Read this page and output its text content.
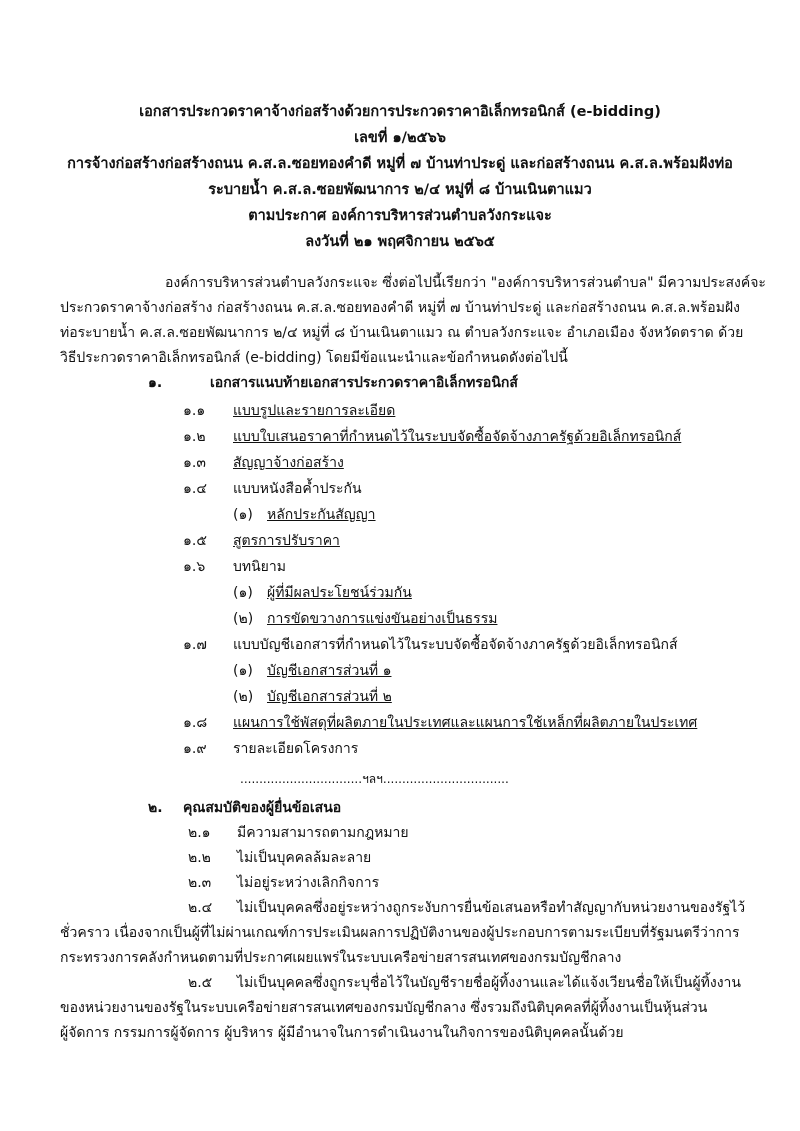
เอกสารประกวดราคาจ้างก่อสร้างด้วยการประกวดราคาอิเล็กทรอนิกส์ (e-bidding)
เลขที่ ๑/๒๕๖๖
การจ้างก่อสร้างก่อสร้างถนน ค.ส.ล.ซอยทองคำดี หมู่ที่ ๗ บ้านท่าประดู่ และก่อสร้างถนน ค.ส.ล.พร้อมฝังท่อ
ระบายน้ำ ค.ส.ล.ซอยพัฒนาการ ๒/๔ หมู่ที่ ๘ บ้านเนินตาแมว
ตามประกาศ องค์การบริหารส่วนตำบลวังกระแจะ
ลงวันที่ ๒๑ พฤศจิกายน ๒๕๖๕
องค์การบริหารส่วนตำบลวังกระแจะ ซึ่งต่อไปนี้เรียกว่า "องค์การบริหารส่วนตำบล" มีความประสงค์จะ
ประกวดราคาจ้างก่อสร้าง ก่อสร้างถนน ค.ส.ล.ซอยทองคำดี หมู่ที่ ๗ บ้านท่าประดู่ และก่อสร้างถนน ค.ส.ล.พร้อมฝัง
ท่อระบายน้ำ ค.ส.ล.ซอยพัฒนาการ ๒/๔ หมู่ที่ ๘ บ้านเนินตาแมว ณ ตำบลวังกระแจะ อำเภอเมือง จังหวัดตราด ด้วย
วิธีประกวดราคาอิเล็กทรอนิกส์ (e-bidding) โดยมีข้อแนะนำและข้อกำหนดดังต่อไปนี้
๑.	เอกสารแนบท้ายเอกสารประกวดราคาอิเล็กทรอนิกส์
๑.๑ แบบรูปและรายการละเอียด
๑.๒ แบบใบเสนอราคาที่กำหนดไว้ในระบบจัดซื้อจัดจ้างภาครัฐด้วยอิเล็กทรอนิกส์
๑.๓ สัญญาจ้างก่อสร้าง
๑.๔ แบบหนังสือค้ำประกัน
(๑) หลักประกันสัญญา
๑.๕ สูตรการปรับราคา
๑.๖ บทนิยาม
(๑) ผู้ที่มีผลประโยชน์ร่วมกัน
(๒) การขัดขวางการแข่งขันอย่างเป็นธรรม
๑.๗ แบบบัญชีเอกสารที่กำหนดไว้ในระบบจัดซื้อจัดจ้างภาครัฐด้วยอิเล็กทรอนิกส์
(๑) บัญชีเอกสารส่วนที่ ๑
(๒) บัญชีเอกสารส่วนที่ ๒
๑.๘ แผนการใช้พัสดุที่ผลิตภายในประเทศและแผนการใช้เหล็กที่ผลิตภายในประเทศ
๑.๙ รายละเอียดโครงการ
................................ฯลฯ.................................
๒. คุณสมบัติของผู้ยื่นข้อเสนอ
๒.๑ มีความสามารถตามกฎหมาย
๒.๒ ไม่เป็นบุคคลล้มละลาย
๒.๓ ไม่อยู่ระหว่างเลิกกิจการ
๒.๔ ไม่เป็นบุคคลซึ่งอยู่ระหว่างถูกระงับการยื่นข้อเสนอหรือทำสัญญากับหน่วยงานของรัฐไว้
ชั่วคราว เนื่องจากเป็นผู้ที่ไม่ผ่านเกณฑ์การประเมินผลการปฏิบัติงานของผู้ประกอบการตามระเบียบที่รัฐมนตรีว่าการ
กระทรวงการคลังกำหนดตามที่ประกาศเผยแพร่ในระบบเครือข่ายสารสนเทศของกรมบัญชีกลาง
๒.๕ ไม่เป็นบุคคลซึ่งถูกระบุชื่อไว้ในบัญชีรายชื่อผู้ทิ้งงานและได้แจ้งเวียนชื่อให้เป็นผู้ทิ้งงาน
ของหน่วยงานของรัฐในระบบเครือข่ายสารสนเทศของกรมบัญชีกลาง ซึ่งรวมถึงนิติบุคคลที่ผู้ทิ้งงานเป็นหุ้นส่วน
ผู้จัดการ กรรมการผู้จัดการ ผู้บริหาร ผู้มีอำนาจในการดำเนินงานในกิจการของนิติบุคคลนั้นด้วย
